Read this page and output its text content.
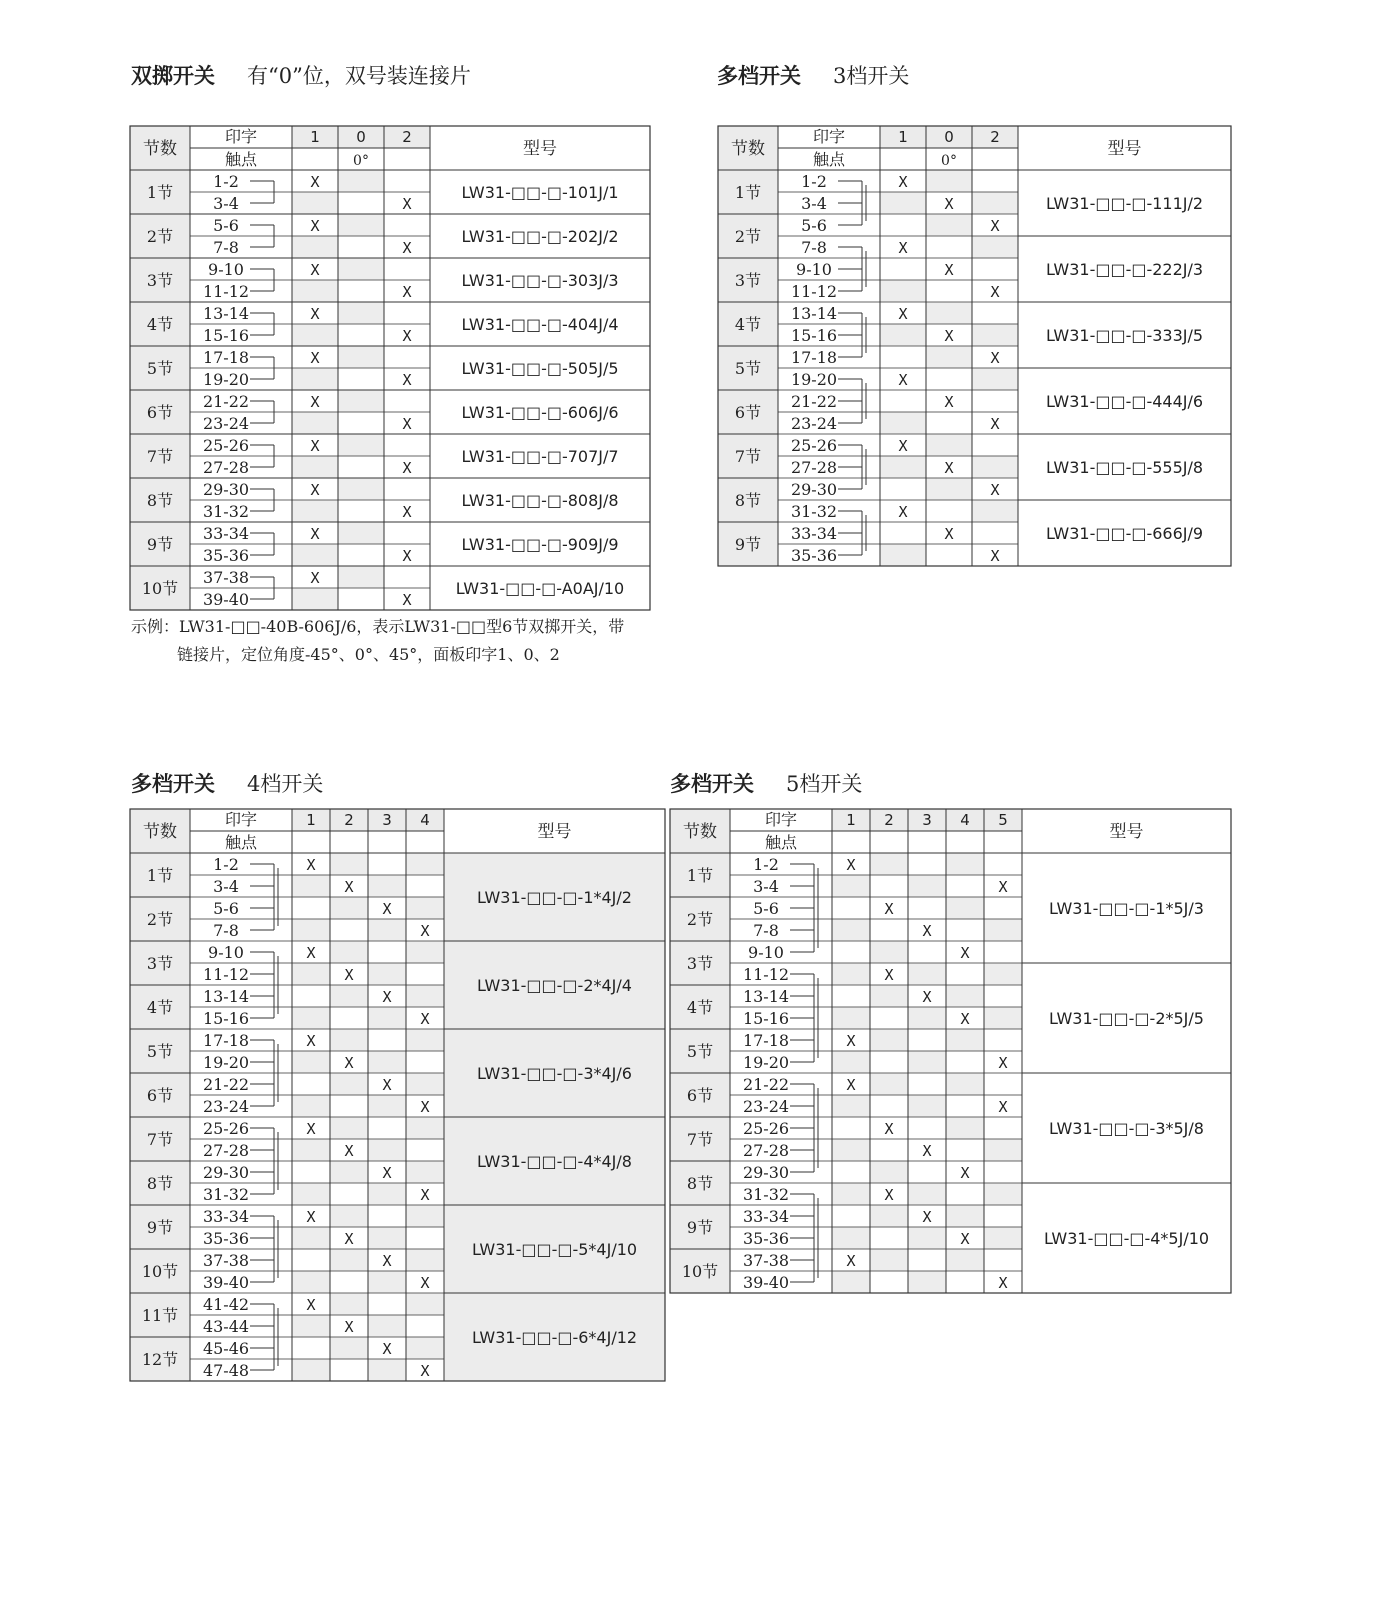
双掷开关 有“0”位，双号装连接片
节数
印字
触点
1 0 2
0°
型号
1节
2节
3节
4节
5节
6节
7节
8节
9节
10节
1-2
3-4
5-6
7-8
9-10
11-12
13-14
15-16
17-18
19-20
21-22
23-24
25-26
27-28
29-30
31-32
33-34
35-36
37-38
39-40
X
X
X
X
X
X
X
X
X
X
X
X
X
X
X
X
X
X
X
X
LW31-□□-□-101J/1
LW31-□□-□-202J/2
LW31-□□-□-303J/3
LW31-□□-□-404J/4
LW31-□□-□-505J/5
LW31-□□-□-606J/6
LW31-□□-□-707J/7
LW31-□□-□-808J/8
LW31-□□-□-909J/9
LW31-□□-□-A0AJ/10
示例：LW31-□□-40B-606J/6，表示LW31-□□型6节双掷开关，带
链接片，定位角度-45°、0°、45°，面板印字1、0、2
多档开关 3档开关
节数
印字
触点
1 0 2
0°
型号
1节
2节
3节
4节
5节
6节
7节
8节
9节
1-2
3-4
5-6
7-8
9-10
11-12
13-14
15-16
17-18
19-20
21-22
23-24
25-26
27-28
29-30
31-32
33-34
35-36
X
X
X
X
X
X
X
X
X
X
X
X
X
X
X
X
X
X
LW31-□□-□-111J/2
LW31-□□-□-222J/3
LW31-□□-□-333J/5
LW31-□□-□-444J/6
LW31-□□-□-555J/8
LW31-□□-□-666J/9
多档开关 4档开关
节数
印字
触点
1 2 3 4
型号
1节
2节
3节
4节
5节
6节
7节
8节
9节
10节
11节
12节
1-2
3-4
5-6
7-8
9-10
11-12
13-14
15-16
17-18
19-20
21-22
23-24
25-26
27-28
29-30
31-32
33-34
35-36
37-38
39-40
41-42
43-44
45-46
47-48
X
X
X
X
X
X
X
X
X
X
X
X
X
X
X
X
X
X
X
X
X
X
X
X
LW31-□□-□-1*4J/2
LW31-□□-□-2*4J/4
LW31-□□-□-3*4J/6
LW31-□□-□-4*4J/8
LW31-□□-□-5*4J/10
LW31-□□-□-6*4J/12
多档开关 5档开关
节数
印字
触点
1 2 3 4 5
型号
1节
2节
3节
4节
5节
6节
7节
8节
9节
10节
1-2
3-4
5-6
7-8
9-10
11-12
13-14
15-16
17-18
19-20
21-22
23-24
25-26
27-28
29-30
31-32
33-34
35-36
37-38
39-40
X
X
X
X
X
X
X
X
X
X
X
X
X
X
X
X
X
X
X
X
LW31-□□-□-1*5J/3
LW31-□□-□-2*5J/5
LW31-□□-□-3*5J/8
LW31-□□-□-4*5J/10
